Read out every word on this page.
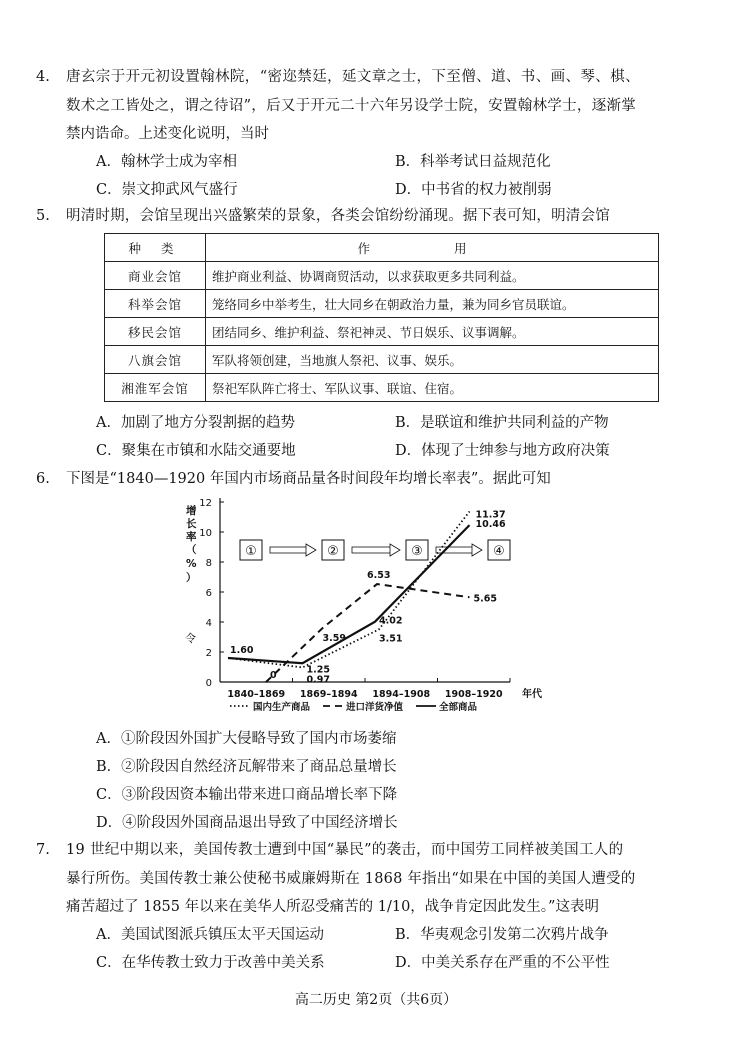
4. 唐玄宗于开元初设置翰林院，“密迩禁廷，延文章之士，下至僧、道、书、画、琴、棋、
数术之工皆处之，谓之待诏”，后又于开元二十六年另设学士院，安置翰林学士，逐渐掌
禁内诰命。上述变化说明，当时
A．翰林学士成为宰相	B．科举考试日益规范化
C．崇文抑武风气盛行	D．中书省的权力被削弱
5. 明清时期，会馆呈现出兴盛繁荣的景象，各类会馆纷纷涌现。据下表可知，明清会馆
种 类	作 用
商业会馆	维护商业利益、协调商贸活动，以求获取更多共同利益。
科举会馆	笼络同乡中举考生，壮大同乡在朝政治力量，兼为同乡官员联谊。
移民会馆	团结同乡、维护利益、祭祀神灵、节日娱乐、议事调解。
八旗会馆	军队将领创建，当地旗人祭祀、议事、娱乐。
湘淮军会馆	祭祀军队阵亡将士、军队议事、联谊、住宿。
A．加剧了地方分裂割据的趋势	B．是联谊和维护共同利益的产物
C．聚集在市镇和水陆交通要地	D．体现了士绅参与地方政府决策
6. 下图是“1840—1920 年国内市场商品量各时间段年均增长率表”。据此可知
0
2
4
6
8
10
12
1840–1869 1869–1894 1894–1908 1908–1920 年代
增
长
率
（
%
）
令
①	②	③	④
1.60
0
3.59
1.25
0.97
6.53
4.02
3.51
11.37
10.46
5.65
国内生产商品	进口洋货净值	全部商品
A．①阶段因外国扩大侵略导致了国内市场萎缩
B．②阶段因自然经济瓦解带来了商品总量增长
C．③阶段因资本输出带来进口商品增长率下降
D．④阶段因外国商品退出导致了中国经济增长
7. 19 世纪中期以来，美国传教士遭到中国“暴民”的袭击，而中国劳工同样被美国工人的
暴行所伤。美国传教士兼公使秘书威廉姆斯在 1868 年指出“如果在中国的美国人遭受的
痛苦超过了 1855 年以来在美华人所忍受痛苦的 1/10，战争肯定因此发生。”这表明
A．美国试图派兵镇压太平天国运动	B．华夷观念引发第二次鸦片战争
C．在华传教士致力于改善中美关系	D．中美关系存在严重的不公平性
高二历史 第2页（共6页）
